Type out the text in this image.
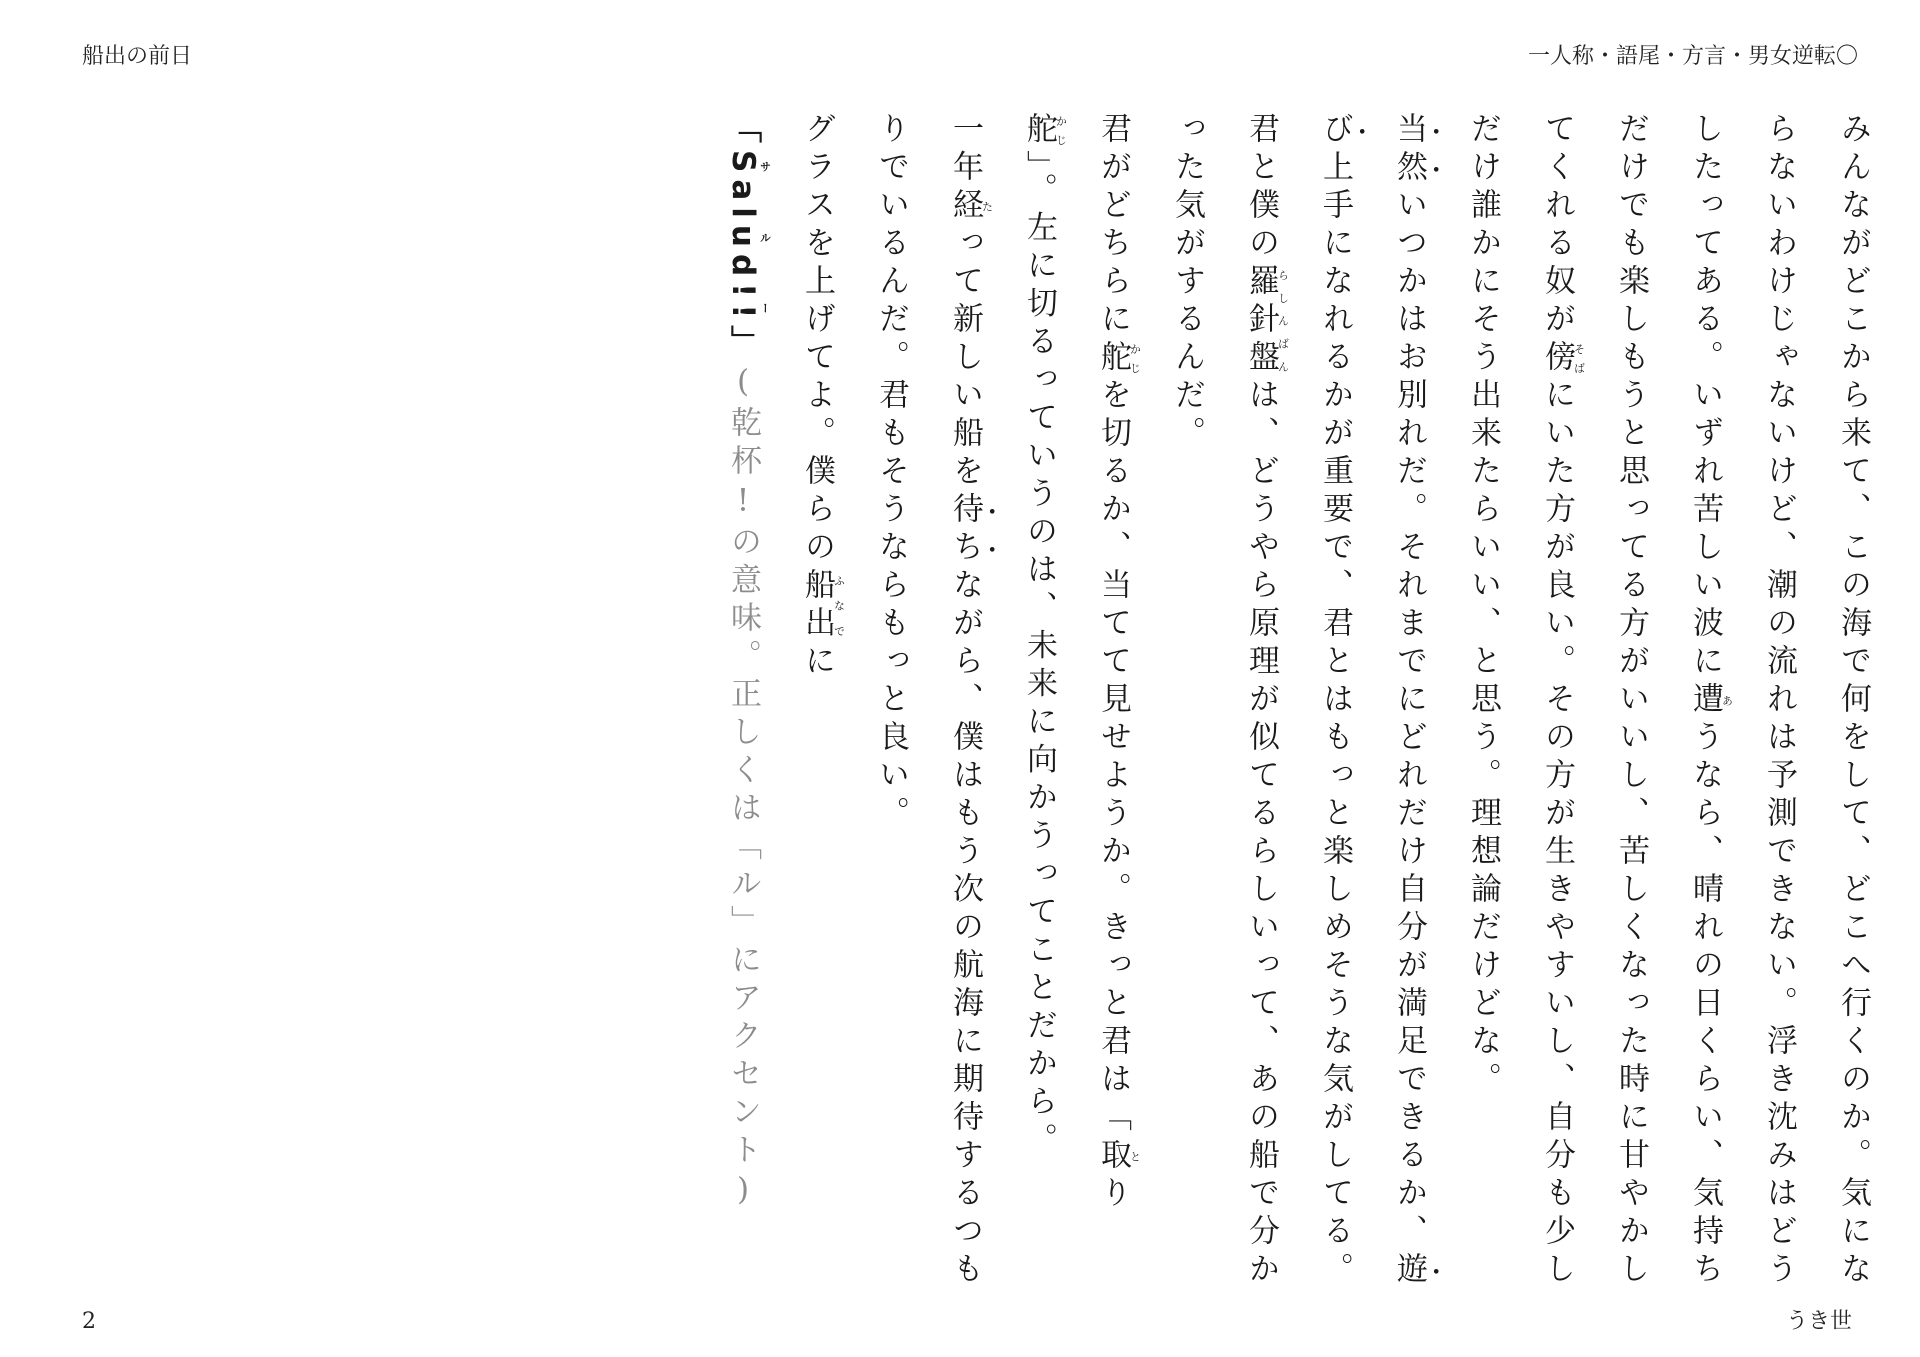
船出の前日	一人称・語尾・方言・男女逆転〇

みんながどこから来て、この海で何をして、どこへ行くのか。気にならないわけじゃないけど、潮の流れは予測できない。浮き沈みはどうしたってある。いずれ苦しい波に遭あうなら、晴れの日くらい、気持ちだけでも楽しもうと思ってる方がいいし、苦しくなった時に甘やかしてくれる奴が傍そばにいた方が良い。その方が生きやすいし、自分も少しだけ誰かにそう出来たらいい、と思う。理想論だけどな。

当然いつかはお別れだ。それまでにどれだけ自分が満足できるか、遊び上手になれるかが重要で、君とはもっと楽しめそうな気がしてる。君と僕の羅針盤らしんばんは、どうやら原理が似てるらしいって、あの船で分かった気がするんだ。

君がどちらに舵かじを切るか、当てて見せようか。きっと君は「取とり舵かじ」。左に切るっていうのは、未来に向かうってことだから。

一年経たって新しい船を待ちながら、僕はもう次の航海に期待するつもりでいるんだ。君もそうならもっと良い。

グラスを上げてよ。僕らの船出ふなでに

「Salud!!サルー」(乾杯!の意味。正しくは「ル」にアクセント)

2	うき世
